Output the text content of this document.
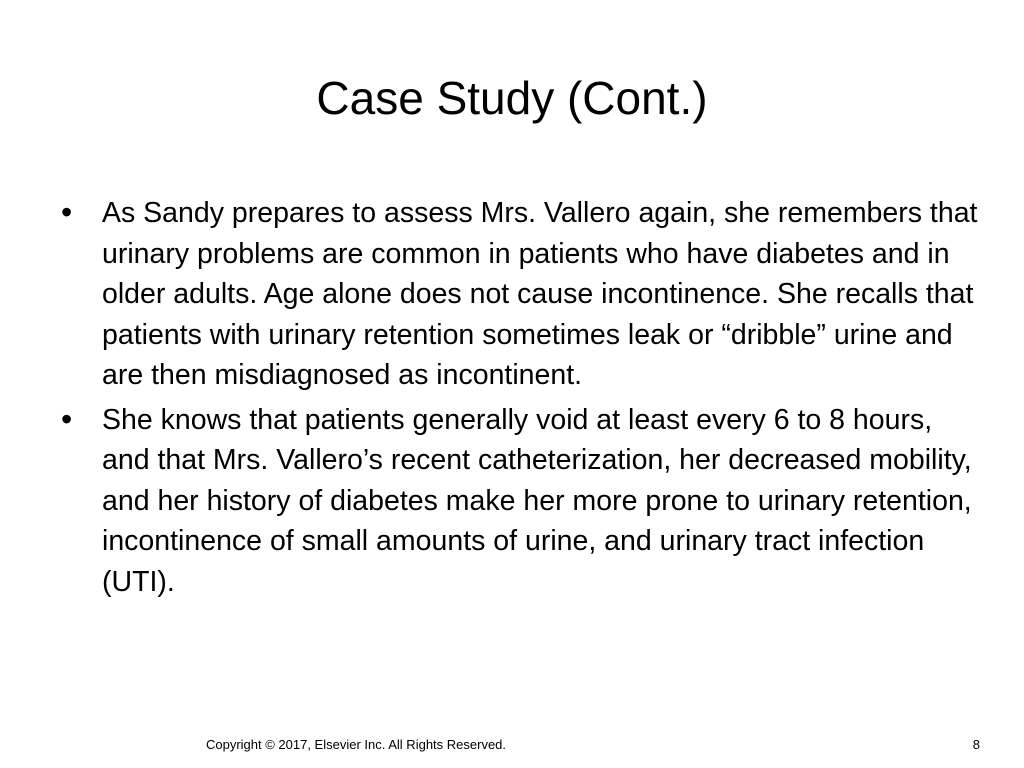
Case Study (Cont.)
• As Sandy prepares to assess Mrs. Vallero again, she remembers that urinary problems are common in patients who have diabetes and in older adults. Age alone does not cause incontinence. She recalls that patients with urinary retention sometimes leak or “dribble” urine and are then misdiagnosed as incontinent.
• She knows that patients generally void at least every 6 to 8 hours, and that Mrs. Vallero’s recent catheterization, her decreased mobility, and her history of diabetes make her more prone to urinary retention, incontinence of small amounts of urine, and urinary tract infection (UTI).
Copyright © 2017, Elsevier Inc. All Rights Reserved.	8
